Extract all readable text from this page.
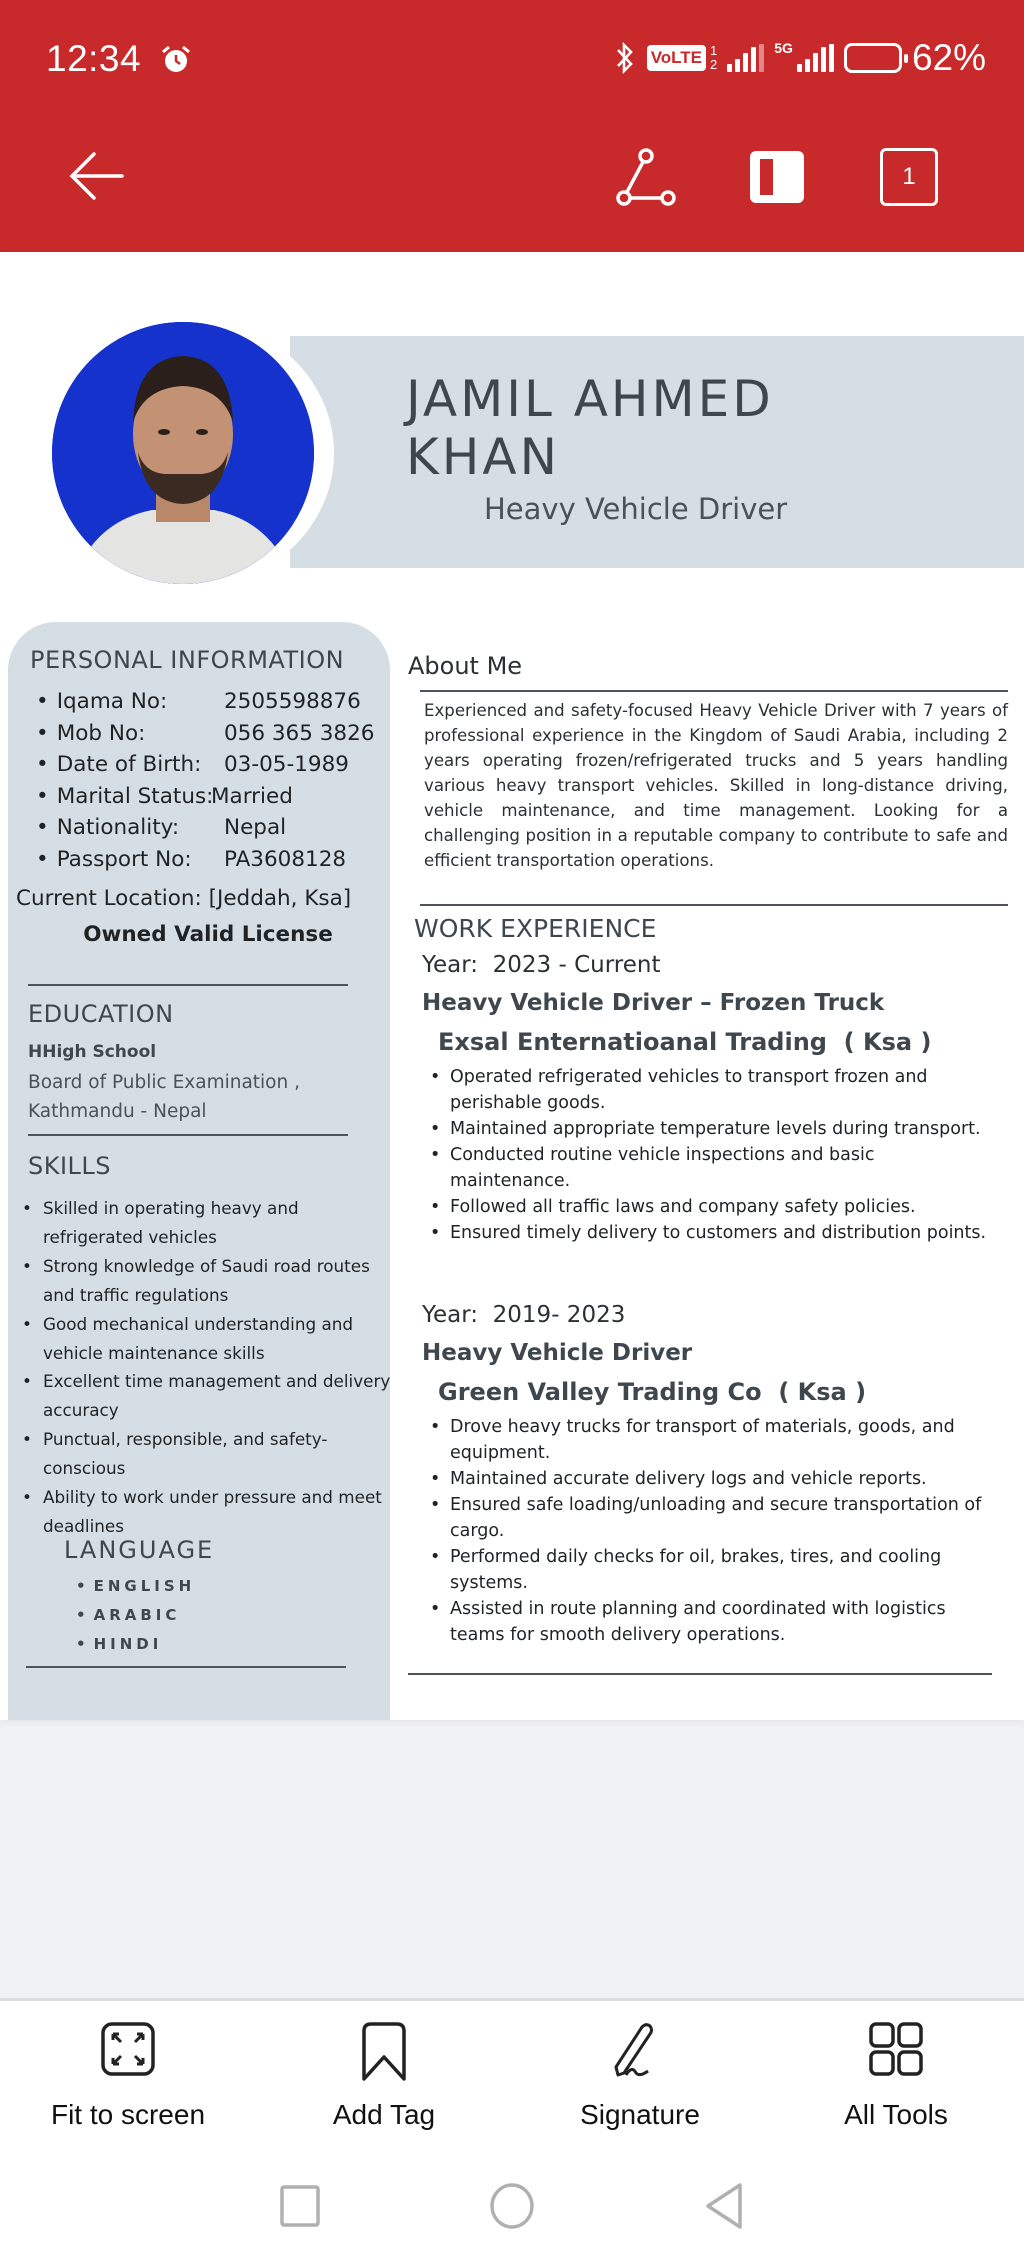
12:34	VoLTE 1
2
5G	62%
1
JAMIL AHMED
KHAN
Heavy Vehicle Driver
PERSONAL INFORMATION
• Iqama No:	2505598876
• Mob No:	056 365 3826
• Date of Birth:	03-05-1989
• Marital Status:
Married
• Nationality:	Nepal
• Passport No:	PA3608128
Current Location: [Jeddah, Ksa]
Owned Valid License
EDUCATION
HHigh School
Board of Public Examination , Kathmandu - Nepal
SKILLS
• Skilled in operating heavy and refrigerated vehicles
• Strong knowledge of Saudi road routes and traffic regulations
• Good mechanical understanding and vehicle maintenance skills
• Excellent time management and delivery accuracy
• Punctual, responsible, and safety-conscious
• Ability to work under pressure and meet deadlines
LANGUAGE
• ENGLISH
• ARABIC
• HINDI
About Me
Experienced and safety-focused Heavy Vehicle Driver with 7 years of professional experience in the Kingdom of Saudi Arabia, including 2 years operating frozen/refrigerated trucks and 5 years handling various heavy transport vehicles. Skilled in long-distance driving, vehicle maintenance, and time management. Looking for a challenging position in a reputable company to contribute to safe and efficient transportation operations.
WORK EXPERIENCE
Year:  2023 - Current
Heavy Vehicle Driver – Frozen Truck
Exsal Enternatioanal Trading  ( Ksa )
• Operated refrigerated vehicles to transport frozen and perishable goods.
• Maintained appropriate temperature levels during transport.
• Conducted routine vehicle inspections and basic maintenance.
• Followed all traffic laws and company safety policies.
• Ensured timely delivery to customers and distribution points.
Year:  2019- 2023
Heavy Vehicle Driver
Green Valley Trading Co  ( Ksa )
• Drove heavy trucks for transport of materials, goods, and equipment.
• Maintained accurate delivery logs and vehicle reports.
• Ensured safe loading/unloading and secure transportation of cargo.
• Performed daily checks for oil, brakes, tires, and cooling systems.
• Assisted in route planning and coordinated with logistics teams for smooth delivery operations.
Fit to screen	Add Tag	Signature	All Tools
